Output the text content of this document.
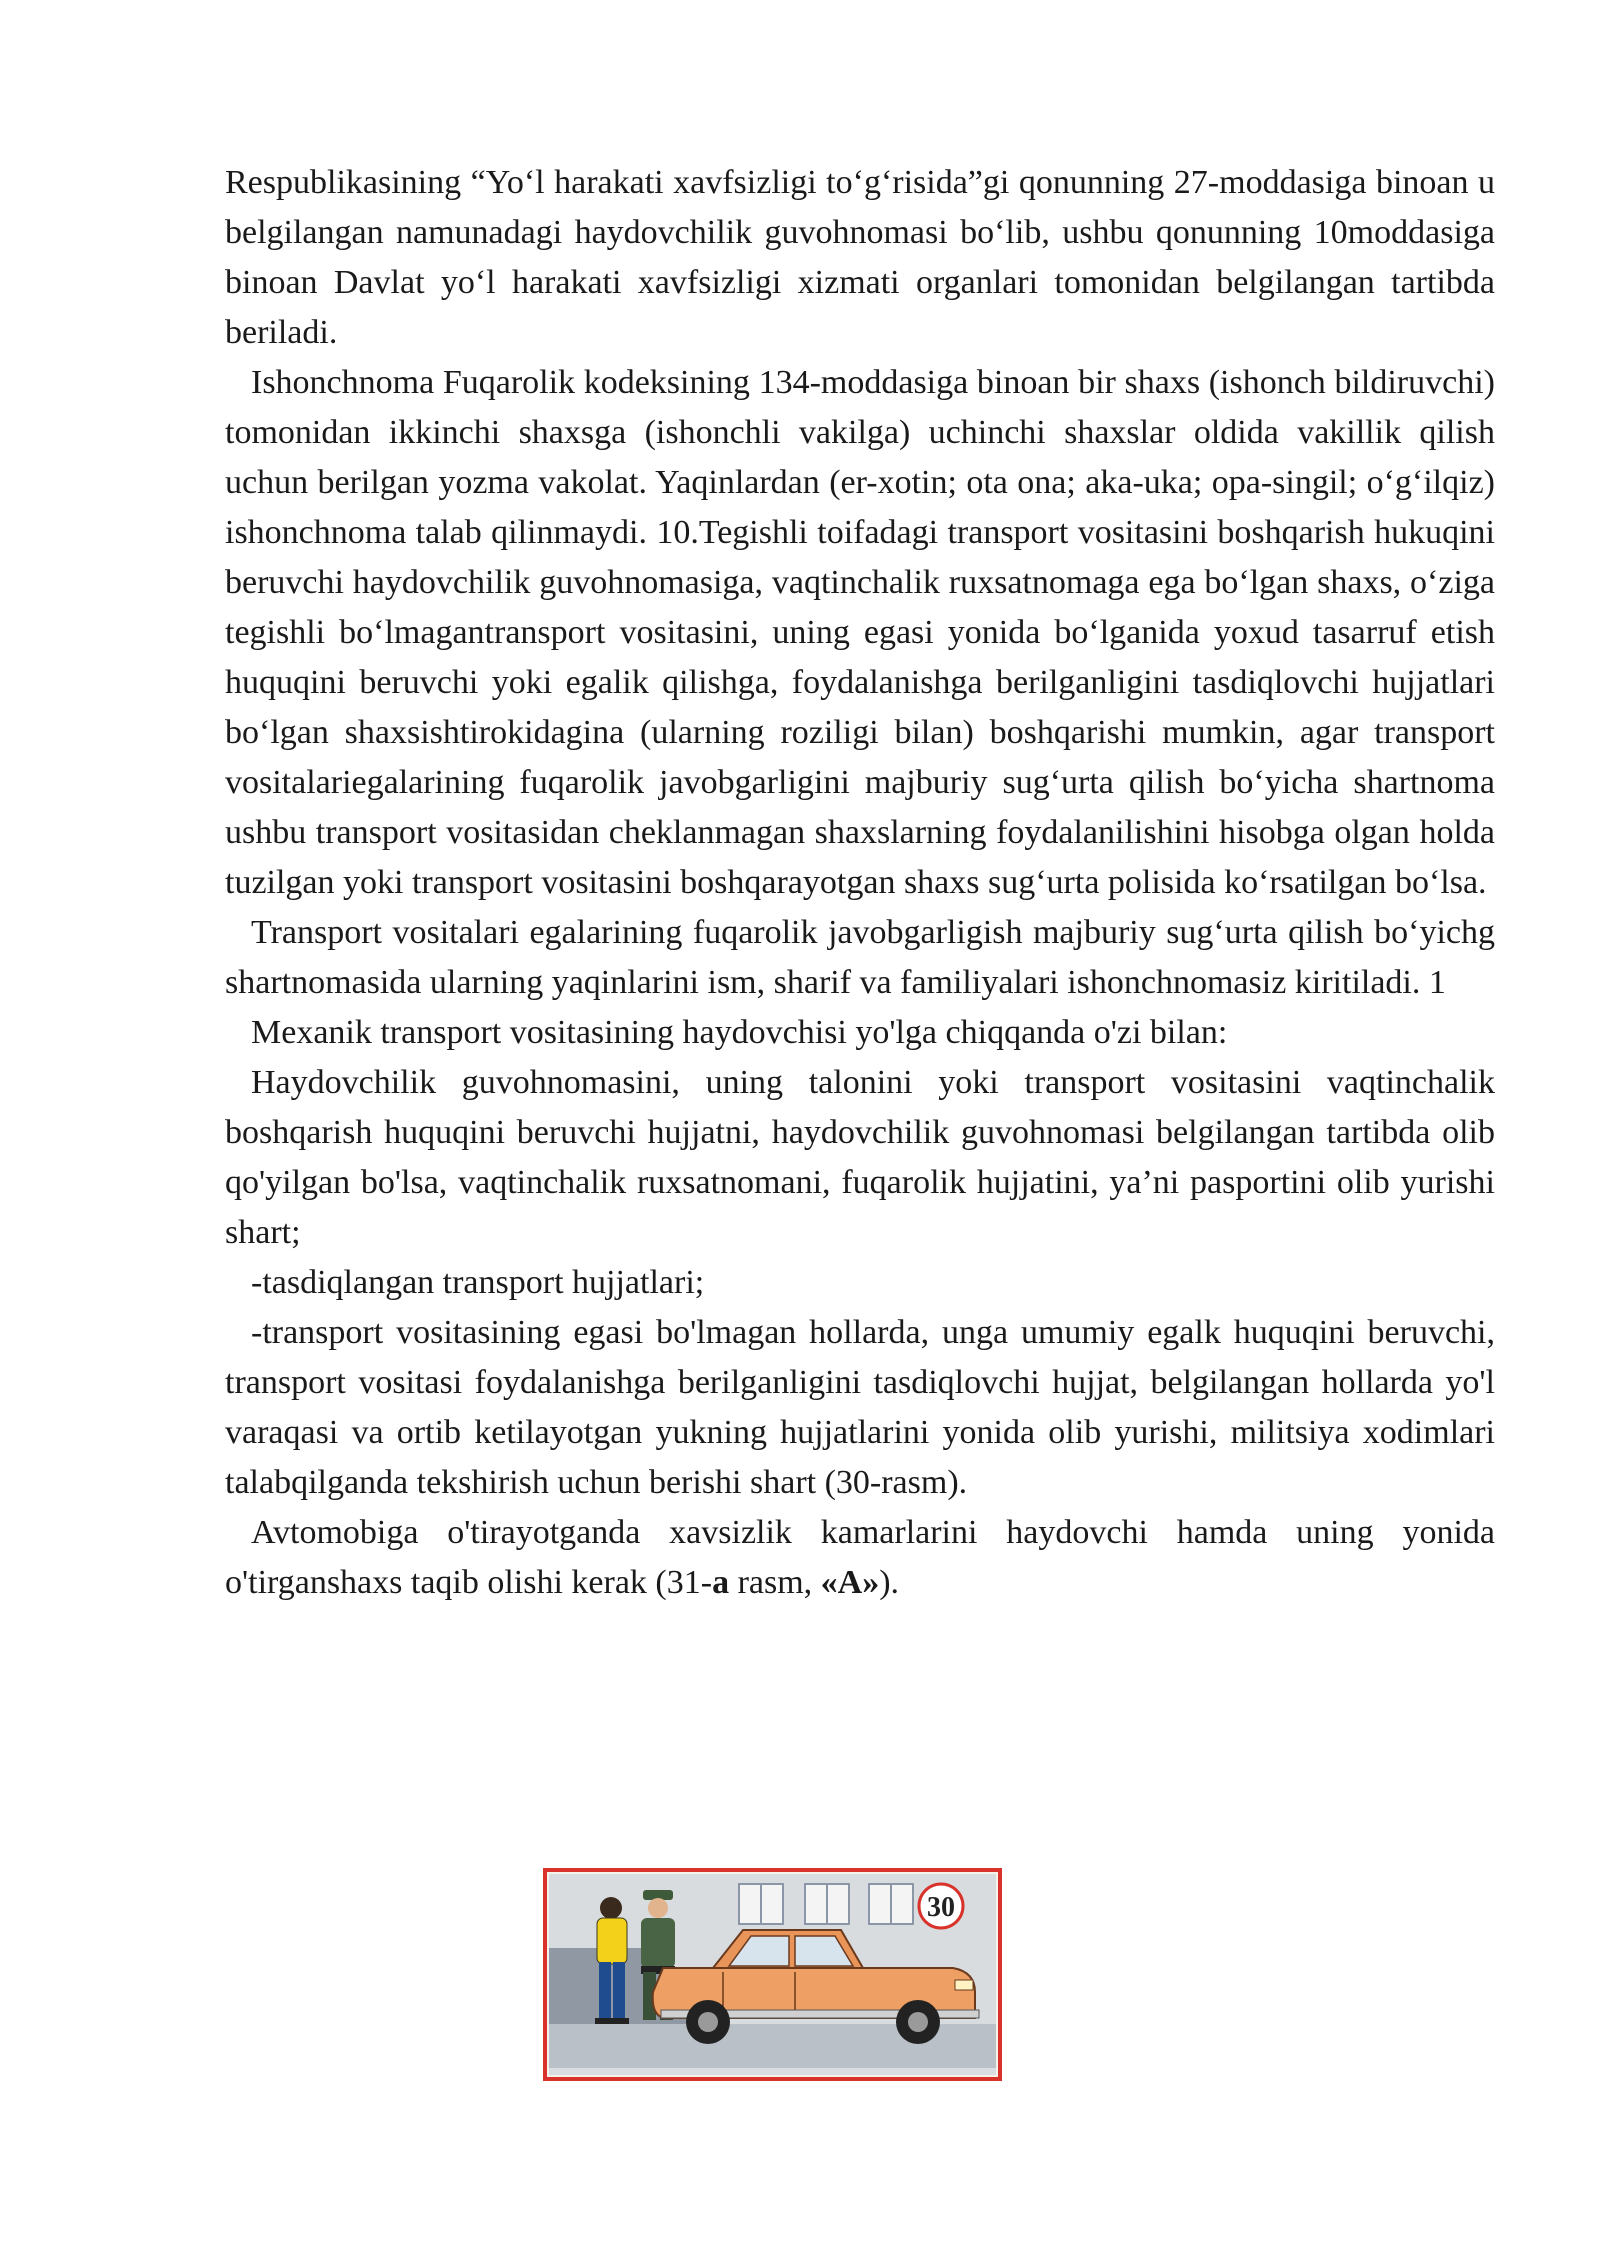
Respublikasining “Yo‘l harakati xavfsizligi to‘g‘risida”gi qonunning 27-moddasiga binoan u belgilangan namunadagi haydovchilik guvohnomasi bo‘lib, ushbu qonunning 10moddasiga binoan Davlat yo‘l harakati xavfsizligi xizmati organlari tomonidan belgilangan tartibda beriladi.

Ishonchnoma Fuqarolik kodeksining 134-moddasiga binoan bir shaxs (ishonch bildiruvchi) tomonidan ikkinchi shaxsga (ishonchli vakilga) uchinchi shaxslar oldida vakillik qilish uchun berilgan yozma vakolat. Yaqinlardan (er-xotin; ota ona; aka-uka; opa-singil; o‘g‘ilqiz) ishonchnoma talab qilinmaydi. 10.Tegishli toifadagi transport vositasini boshqarish hukuqini beruvchi haydovchilik guvohnomasiga, vaqtinchalik ruxsatnomaga ega bo‘lgan shaxs, o‘ziga tegishli bo‘lmagantransport vositasini, uning egasi yonida bo‘lganida yoxud tasarruf etish huquqini beruvchi yoki egalik qilishga, foydalanishga berilganligini tasdiqlovchi hujjatlari bo‘lgan shaxsishtirokidagina (ularning roziligi bilan) boshqarishi mumkin, agar transport vositalariegalarining fuqarolik javobgarligini majburiy sug‘urta qilish bo‘yicha shartnoma ushbu transport vositasidan cheklanmagan shaxslarning foydalanilishini hisobga olgan holda tuzilgan yoki transport vositasini boshqarayotgan shaxs sug‘urta polisida ko‘rsatilgan bo‘lsa.

Transport vositalari egalarining fuqarolik javobgarligish majburiy sug‘urta qilish bo‘yichg shartnomasida ularning yaqinlarini ism, sharif va familiyalari ishonchnomasiz kiritiladi. 1

Mexanik transport vositasining haydovchisi yo'lga chiqqanda o'zi bilan:

Haydovchilik guvohnomasini, uning talonini yoki transport vositasini vaqtinchalik boshqarish huquqini beruvchi hujjatni, haydovchilik guvohnomasi belgilangan tartibda olib qo'yilgan bo'lsa, vaqtinchalik ruxsatnomani, fuqarolik hujjatini, ya’ni pasportini olib yurishi shart;

-tasdiqlangan transport hujjatlari;

-transport vositasining egasi bo'lmagan hollarda, unga umumiy egalk huquqini beruvchi, transport vositasi foydalanishga berilganligini tasdiqlovchi hujjat, belgilangan hollarda yo'l varaqasi va ortib ketilayotgan yukning hujjatlarini yonida olib yurishi, militsiya xodimlari talabqilganda tekshirish uchun berishi shart (30-rasm).

Avtomobiga o'tirayotganda xavsizlik kamarlarini haydovchi hamda uning yonida o'tirganshaxs taqib olishi kerak (31-a rasm, «A»).

30
